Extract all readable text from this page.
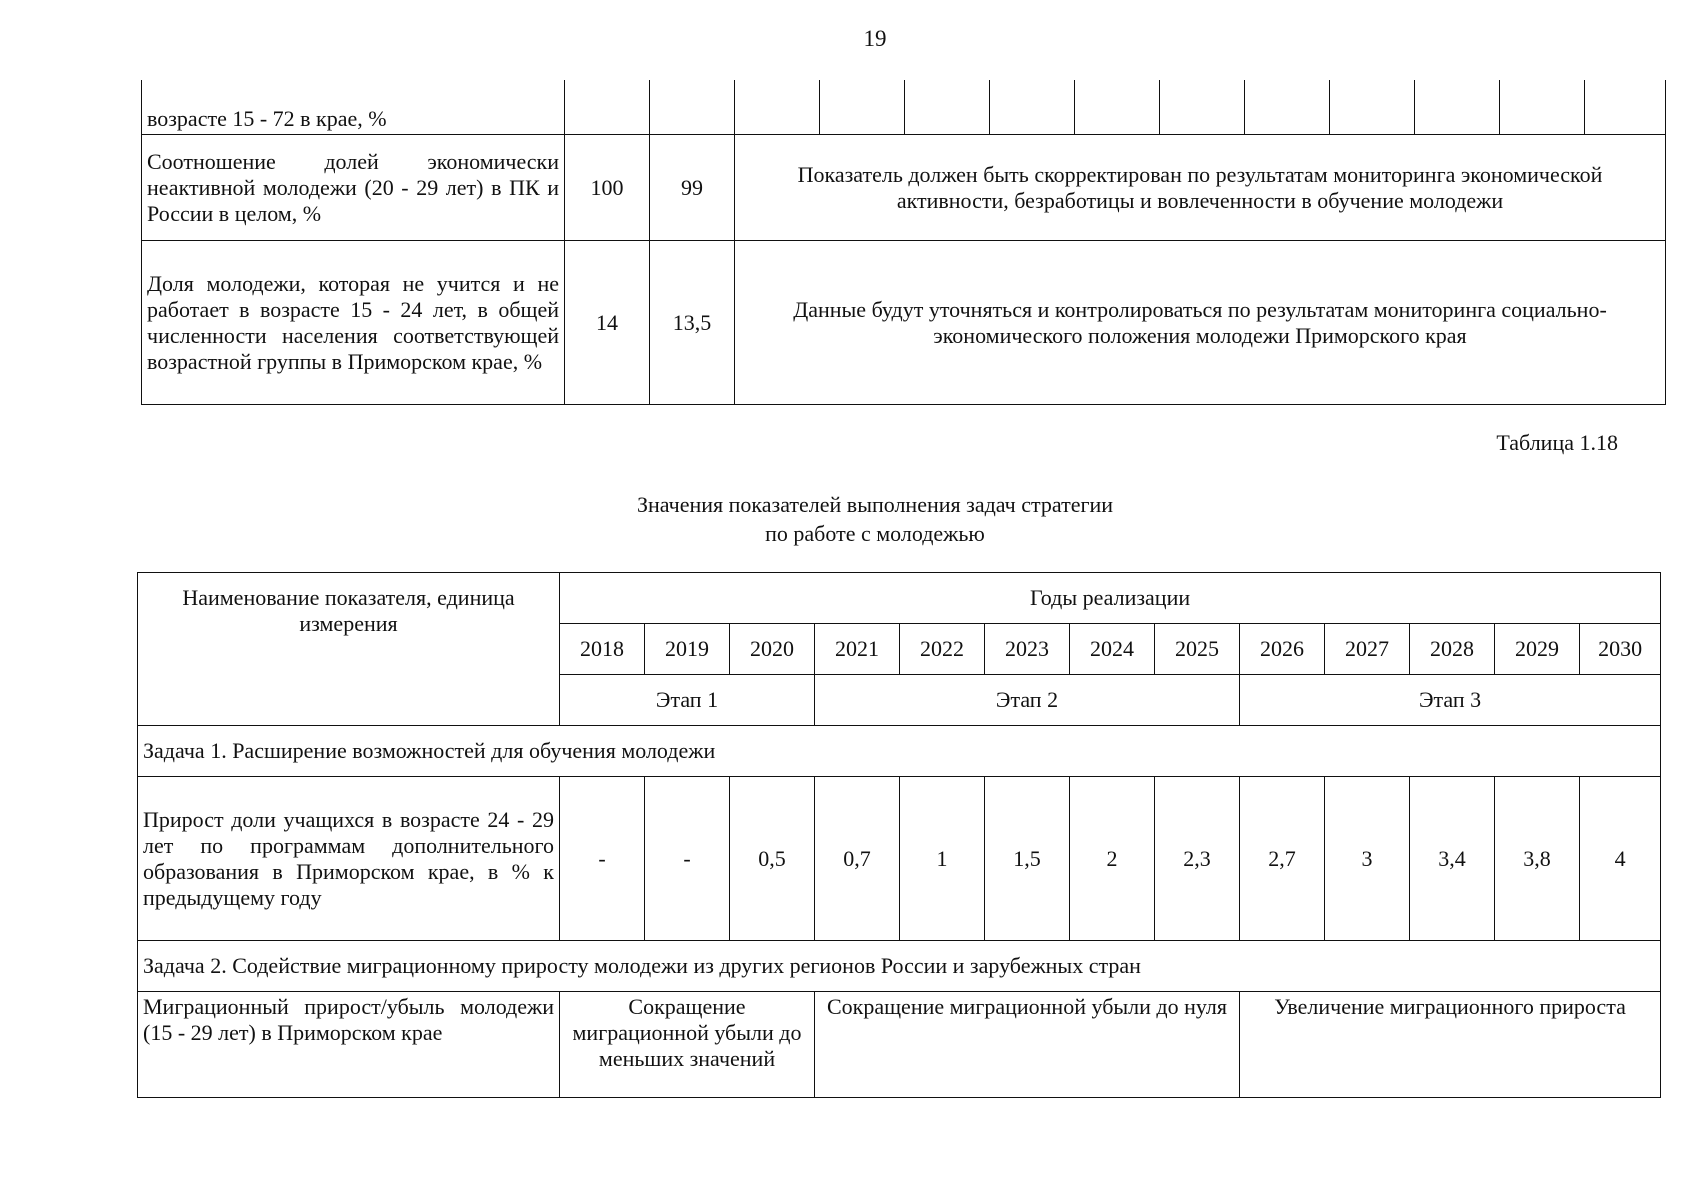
19
возрасте 15 - 72 в крае, %													
Соотношение долей экономически неактивной молодежи (20 - 29 лет) в ПК и России в целом, %	100	99	Показатель должен быть скорректирован по результатам мониторинга экономической активности, безработицы и вовлеченности в обучение молодежи										
Доля молодежи, которая не учится и не работает в возрасте 15 - 24 лет, в общей численности населения соответствующей возрастной группы в Приморском крае, %	14	13,5	Данные будут уточняться и контролироваться по результатам мониторинга социально-экономического положения молодежи Приморского края										
Таблица 1.18
Значения показателей выполнения задач стратегии
по работе с молодежью
Наименование показателя, единица измерения	Годы реализации												
	2018	2019	2020	2021	2022	2023	2024	2025	2026	2027	2028	2029	2030
	Этап 1			Этап 2					Этап 3				
Задача 1. Расширение возможностей для обучения молодежи													
Прирост доли учащихся в возрасте 24 - 29 лет по программам дополнительного образования в Приморском крае, в % к предыдущему году	-	-	0,5	0,7	1	1,5	2	2,3	2,7	3	3,4	3,8	4
Задача 2. Содействие миграционному приросту молодежи из других регионов России и зарубежных стран													
Миграционный прирост/убыль молодежи (15 - 29 лет) в Приморском крае	Сокращение миграционной убыли до меньших значений			Сокращение миграционной убыли до нуля					Увеличение миграционного прироста				
